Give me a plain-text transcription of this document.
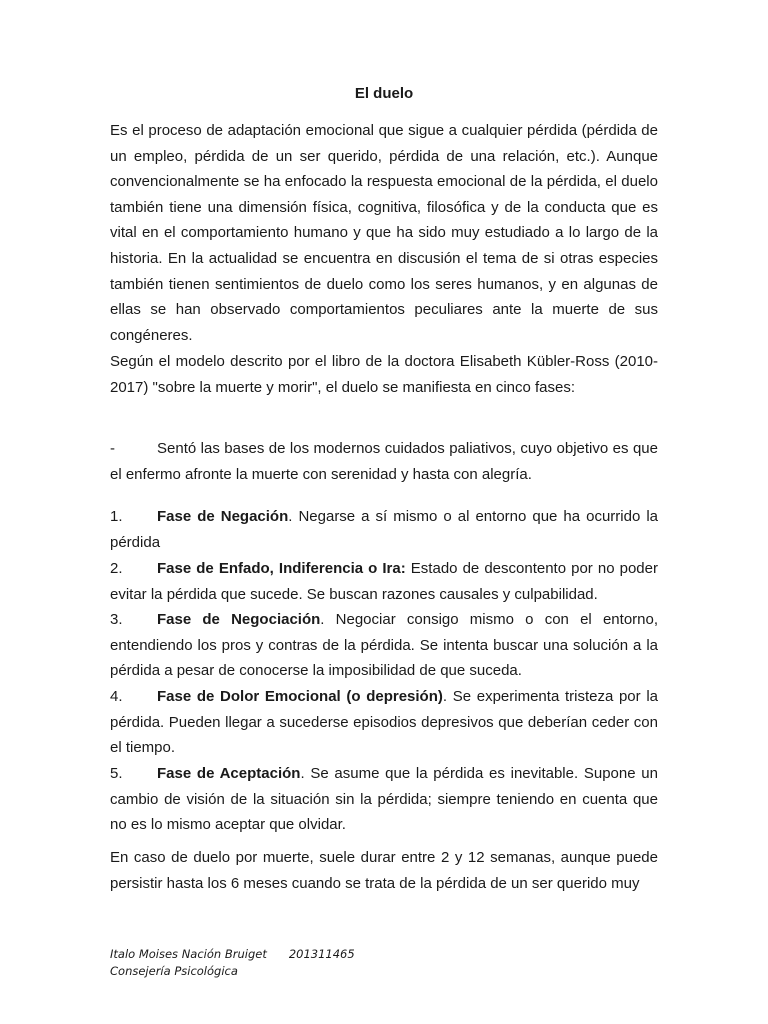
El duelo

Es el proceso de adaptación emocional que sigue a cualquier pérdida (pérdida de un empleo, pérdida de un ser querido, pérdida de una relación, etc.). Aunque convencionalmente se ha enfocado la respuesta emocional de la pérdida, el duelo también tiene una dimensión física, cognitiva, filosófica y de la conducta que es vital en el comportamiento humano y que ha sido muy estudiado a lo largo de la historia. En la actualidad se encuentra en discusión el tema de si otras especies también tienen sentimientos de duelo como los seres humanos, y en algunas de ellas se han observado comportamientos peculiares ante la muerte de sus congéneres.

Según el modelo descrito por el libro de la doctora Elisabeth Kübler-Ross (2010-2017) "sobre la muerte y morir", el duelo se manifiesta en cinco fases:

-	Sentó las bases de los modernos cuidados paliativos, cuyo objetivo es que el enfermo afronte la muerte con serenidad y hasta con alegría.

1. Fase de Negación. Negarse a sí mismo o al entorno que ha ocurrido la pérdida

2. Fase de Enfado, Indiferencia o Ira: Estado de descontento por no poder evitar la pérdida que sucede. Se buscan razones causales y culpabilidad.

3. Fase de Negociación. Negociar consigo mismo o con el entorno, entendiendo los pros y contras de la pérdida. Se intenta buscar una solución a la pérdida a pesar de conocerse la imposibilidad de que suceda.

4. Fase de Dolor Emocional (o depresión). Se experimenta tristeza por la pérdida. Pueden llegar a sucederse episodios depresivos que deberían ceder con el tiempo.

5. Fase de Aceptación. Se asume que la pérdida es inevitable. Supone un cambio de visión de la situación sin la pérdida; siempre teniendo en cuenta que no es lo mismo aceptar que olvidar.

En caso de duelo por muerte, suele durar entre 2 y 12 semanas, aunque puede persistir hasta los 6 meses cuando se trata de la pérdida de un ser querido muy

Italo Moises Nación Bruiget 201311465
Consejería Psicológica
